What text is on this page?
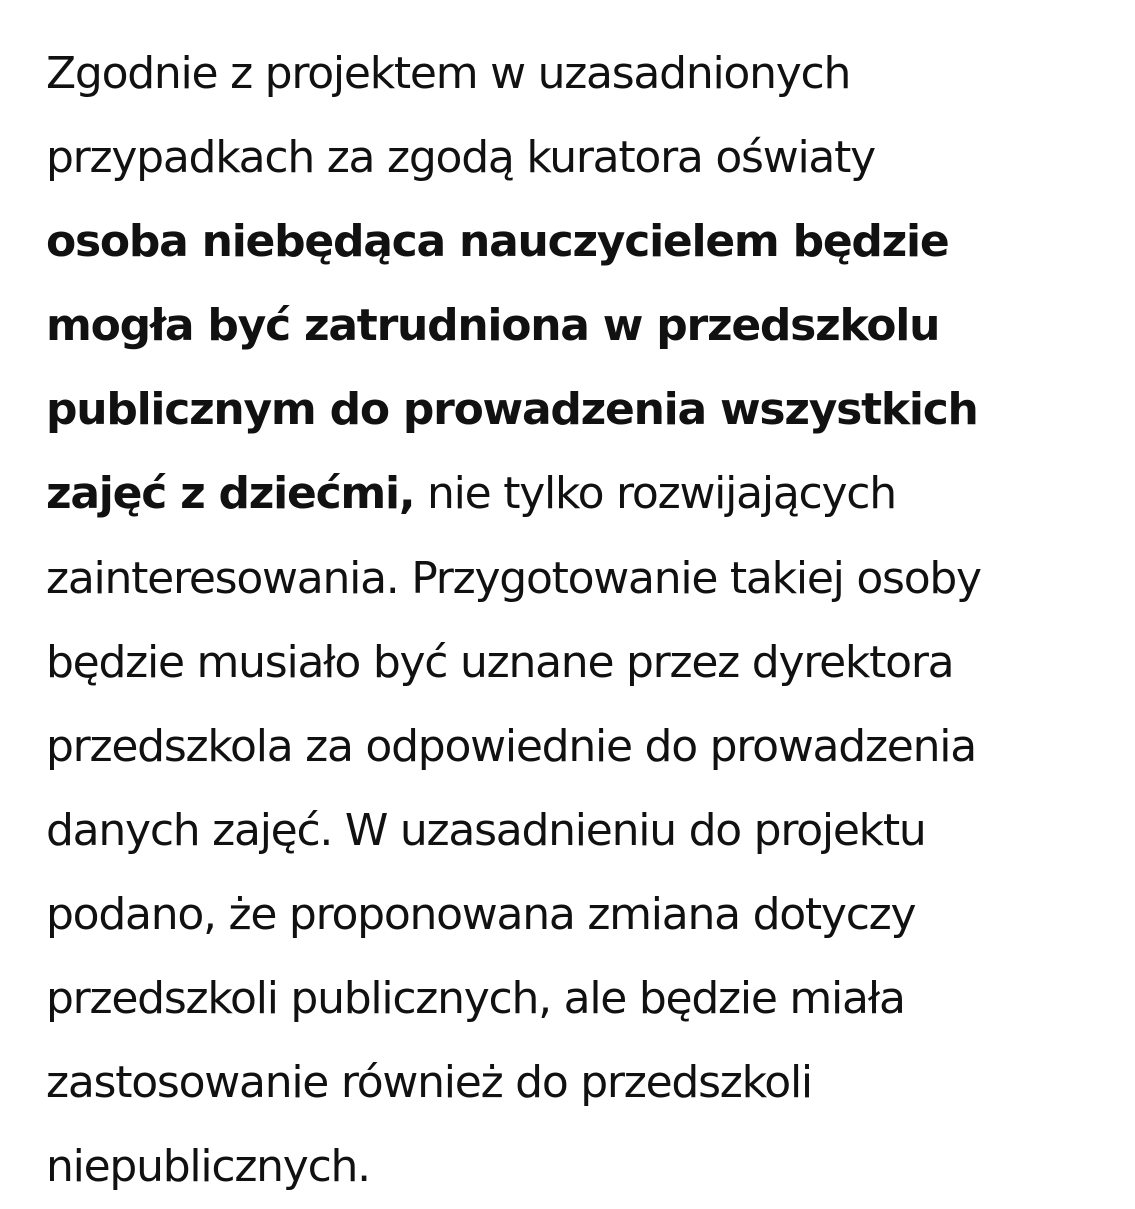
Zgodnie z projektem w uzasadnionych
przypadkach za zgodą kuratora oświaty
osoba niebędąca nauczycielem będzie
mogła być zatrudniona w przedszkolu
publicznym do prowadzenia wszystkich
zajęć z dziećmi, nie tylko rozwijających
zainteresowania. Przygotowanie takiej osoby
będzie musiało być uznane przez dyrektora
przedszkola za odpowiednie do prowadzenia
danych zajęć. W uzasadnieniu do projektu
podano, że proponowana zmiana dotyczy
przedszkoli publicznych, ale będzie miała
zastosowanie również do przedszkoli
niepublicznych.
